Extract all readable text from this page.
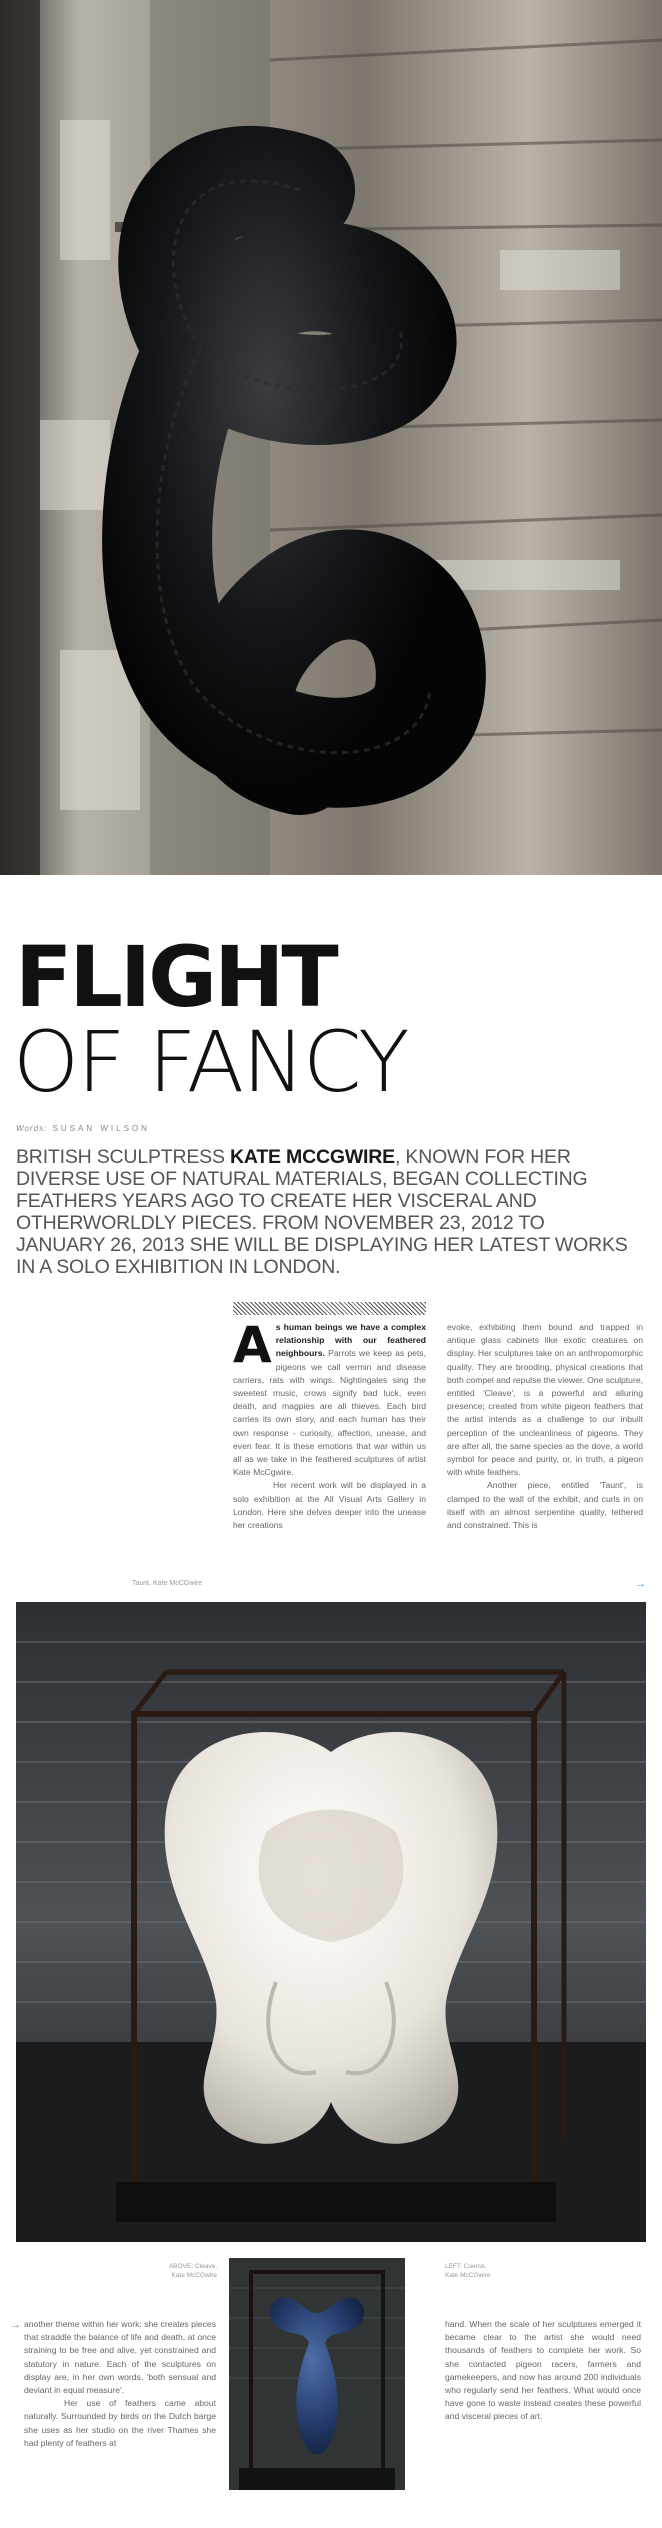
FLIGHT
OF FANCY
Words: SUSAN WILSON

BRITISH SCULPTRESS KATE MCCGWIRE, KNOWN FOR HER DIVERSE USE OF NATURAL MATERIALS, BEGAN COLLECTING FEATHERS YEARS AGO TO CREATE HER VISCERAL AND OTHERWORLDLY PIECES. FROM NOVEMBER 23, 2012 TO JANUARY 26, 2013 SHE WILL BE DISPLAYING HER LATEST WORKS IN A SOLO EXHIBITION IN LONDON.

A s human beings we have a complex relationship with our feathered neighbours. Parrots we keep as pets, pigeons we call vermin and disease carriers, rats with wings. Nightingales sing the sweetest music, crows signify bad luck, even death, and magpies are all thieves. Each bird carries its own story, and each human has their own response - curiosity, affection, unease, and even fear. It is these emotions that war within us all as we take in the feathered sculptures of artist Kate McCgwire.
Her recent work will be displayed in a solo exhibition at the All Visual Arts Gallery in London. Here she delves deeper into the unease her creations
evoke, exhibiting them bound and trapped in antique glass cabinets like exotic creatures on display. Her sculptures take on an anthropomorphic quality. They are brooding, physical creations that both compel and repulse the viewer. One sculpture, entitled 'Cleave', is a powerful and alluring presence; created from white pigeon feathers that the artist intends as a challenge to our inbuilt perception of the uncleanliness of pigeons. They are after all, the same species as the dove, a world symbol for peace and purity, or, in truth, a pigeon with white feathers.
Another piece, entitled 'Taunt', is clamped to the wall of the exhibit, and curls in on itself with an almost serpentine quality, tethered and constrained. This is
Taunt, Kate McCGwire	→
ABOVE: Cleave,
Kate McCGwire
LEFT: Coerce,
Kate McCGwire
→ another theme within her work: she creates pieces that straddle the balance of life and death, at once straining to be free and alive, yet constrained and statutory in nature. Each of the sculptures on display are, in her own words, 'both sensual and deviant in equal measure'.
Her use of feathers came about naturally. Surrounded by birds on the Dutch barge she uses as her studio on the river Thames she had plenty of feathers at
hand. When the scale of her sculptures emerged it became clear to the artist she would need thousands of feathers to complete her work. So she contacted pigeon racers, farmers and gamekeepers, and now has around 200 individuals who regularly send her feathers. What would once have gone to waste instead creates these powerful and visceral pieces of art.
